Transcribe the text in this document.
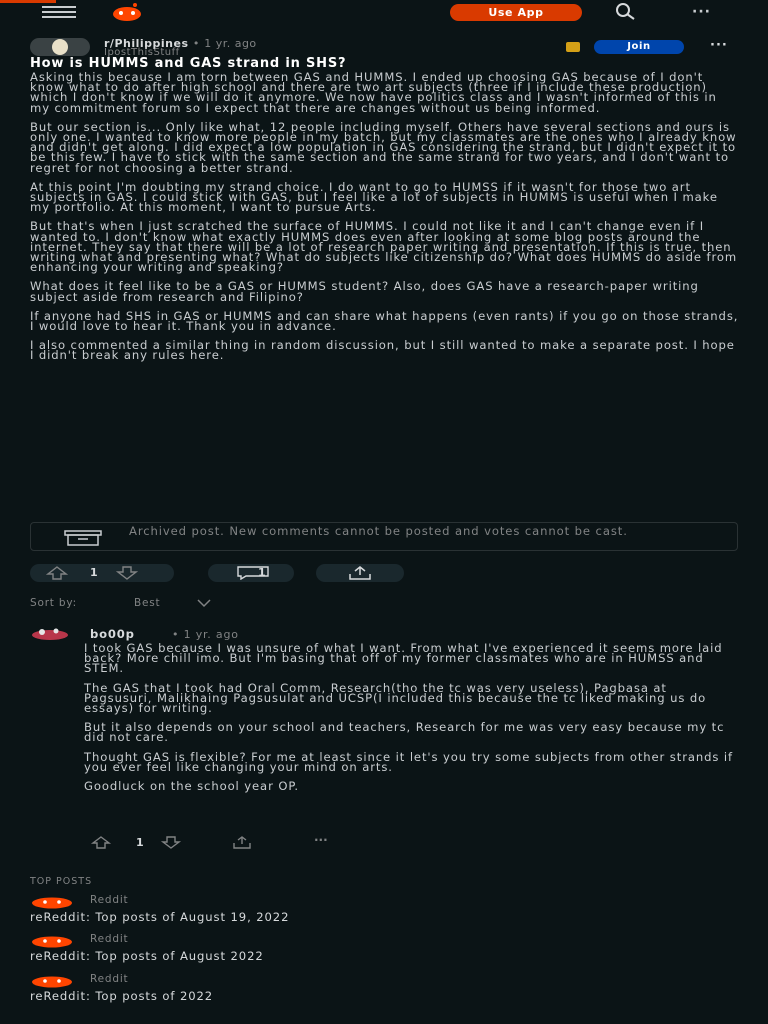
Use App	···
r/Philippines • 1 yr. ago
IpostThisStuff
Join	···
How is HUMMS and GAS strand in SHS?

Asking this because I am torn between GAS and HUMMS. I ended up choosing GAS because of I don't know what to do after high school and there are two art subjects (three if I include these production) which I don't know if we will do it anymore. We now have politics class and I wasn't informed of this in my commitment forum so I expect that there are changes without us being informed.

But our section is... Only like what, 12 people including myself. Others have several sections and ours is only one. I wanted to know more people in my batch, but my classmates are the ones who I already know and didn't get along. I did expect a low population in GAS considering the strand, but I didn't expect it to be this few. I have to stick with the same section and the same strand for two years, and I don't want to regret for not choosing a better strand.

At this point I'm doubting my strand choice. I do want to go to HUMSS if it wasn't for those two art subjects in GAS. I could stick with GAS, but I feel like a lot of subjects in HUMMS is useful when I make my portfolio. At this moment, I want to pursue Arts.

But that's when I just scratched the surface of HUMMS. I could not like it and I can't change even if I wanted to. I don't know what exactly HUMMS does even after looking at some blog posts around the internet. They say that there will be a lot of research paper writing and presentation. If this is true, then writing what and presenting what? What do subjects like citizenship do? What does HUMMS do aside from enhancing your writing and speaking?

What does it feel like to be a GAS or HUMMS student? Also, does GAS have a research-paper writing subject aside from research and Filipino?

If anyone had SHS in GAS or HUMMS and can share what happens (even rants) if you go on those strands, I would love to hear it. Thank you in advance.

I also commented a similar thing in random discussion, but I still wanted to make a separate post. I hope I didn't break any rules here.

Archived post. New comments cannot be posted and votes cannot be cast.
1	1
Sort by:	Best
bo00p	• 1 yr. ago

I took GAS because I was unsure of what I want. From what I've experienced it seems more laid back? More chill imo. But I'm basing that off of my former classmates who are in HUMSS and STEM.

The GAS that I took had Oral Comm, Research(tho the tc was very useless), Pagbasa at Pagsusuri, Malikhaing Pagsusulat and UCSP(I included this because the tc liked making us do essays) for writing.

But it also depends on your school and teachers, Research for me was very easy because my tc did not care.

Thought GAS is flexible? For me at least since it let's you try some subjects from other strands if you ever feel like changing your mind on arts.

Goodluck on the school year OP.

1	···
TOP POSTS
Reddit
reReddit: Top posts of August 19, 2022
Reddit
reReddit: Top posts of August 2022
Reddit
reReddit: Top posts of 2022
